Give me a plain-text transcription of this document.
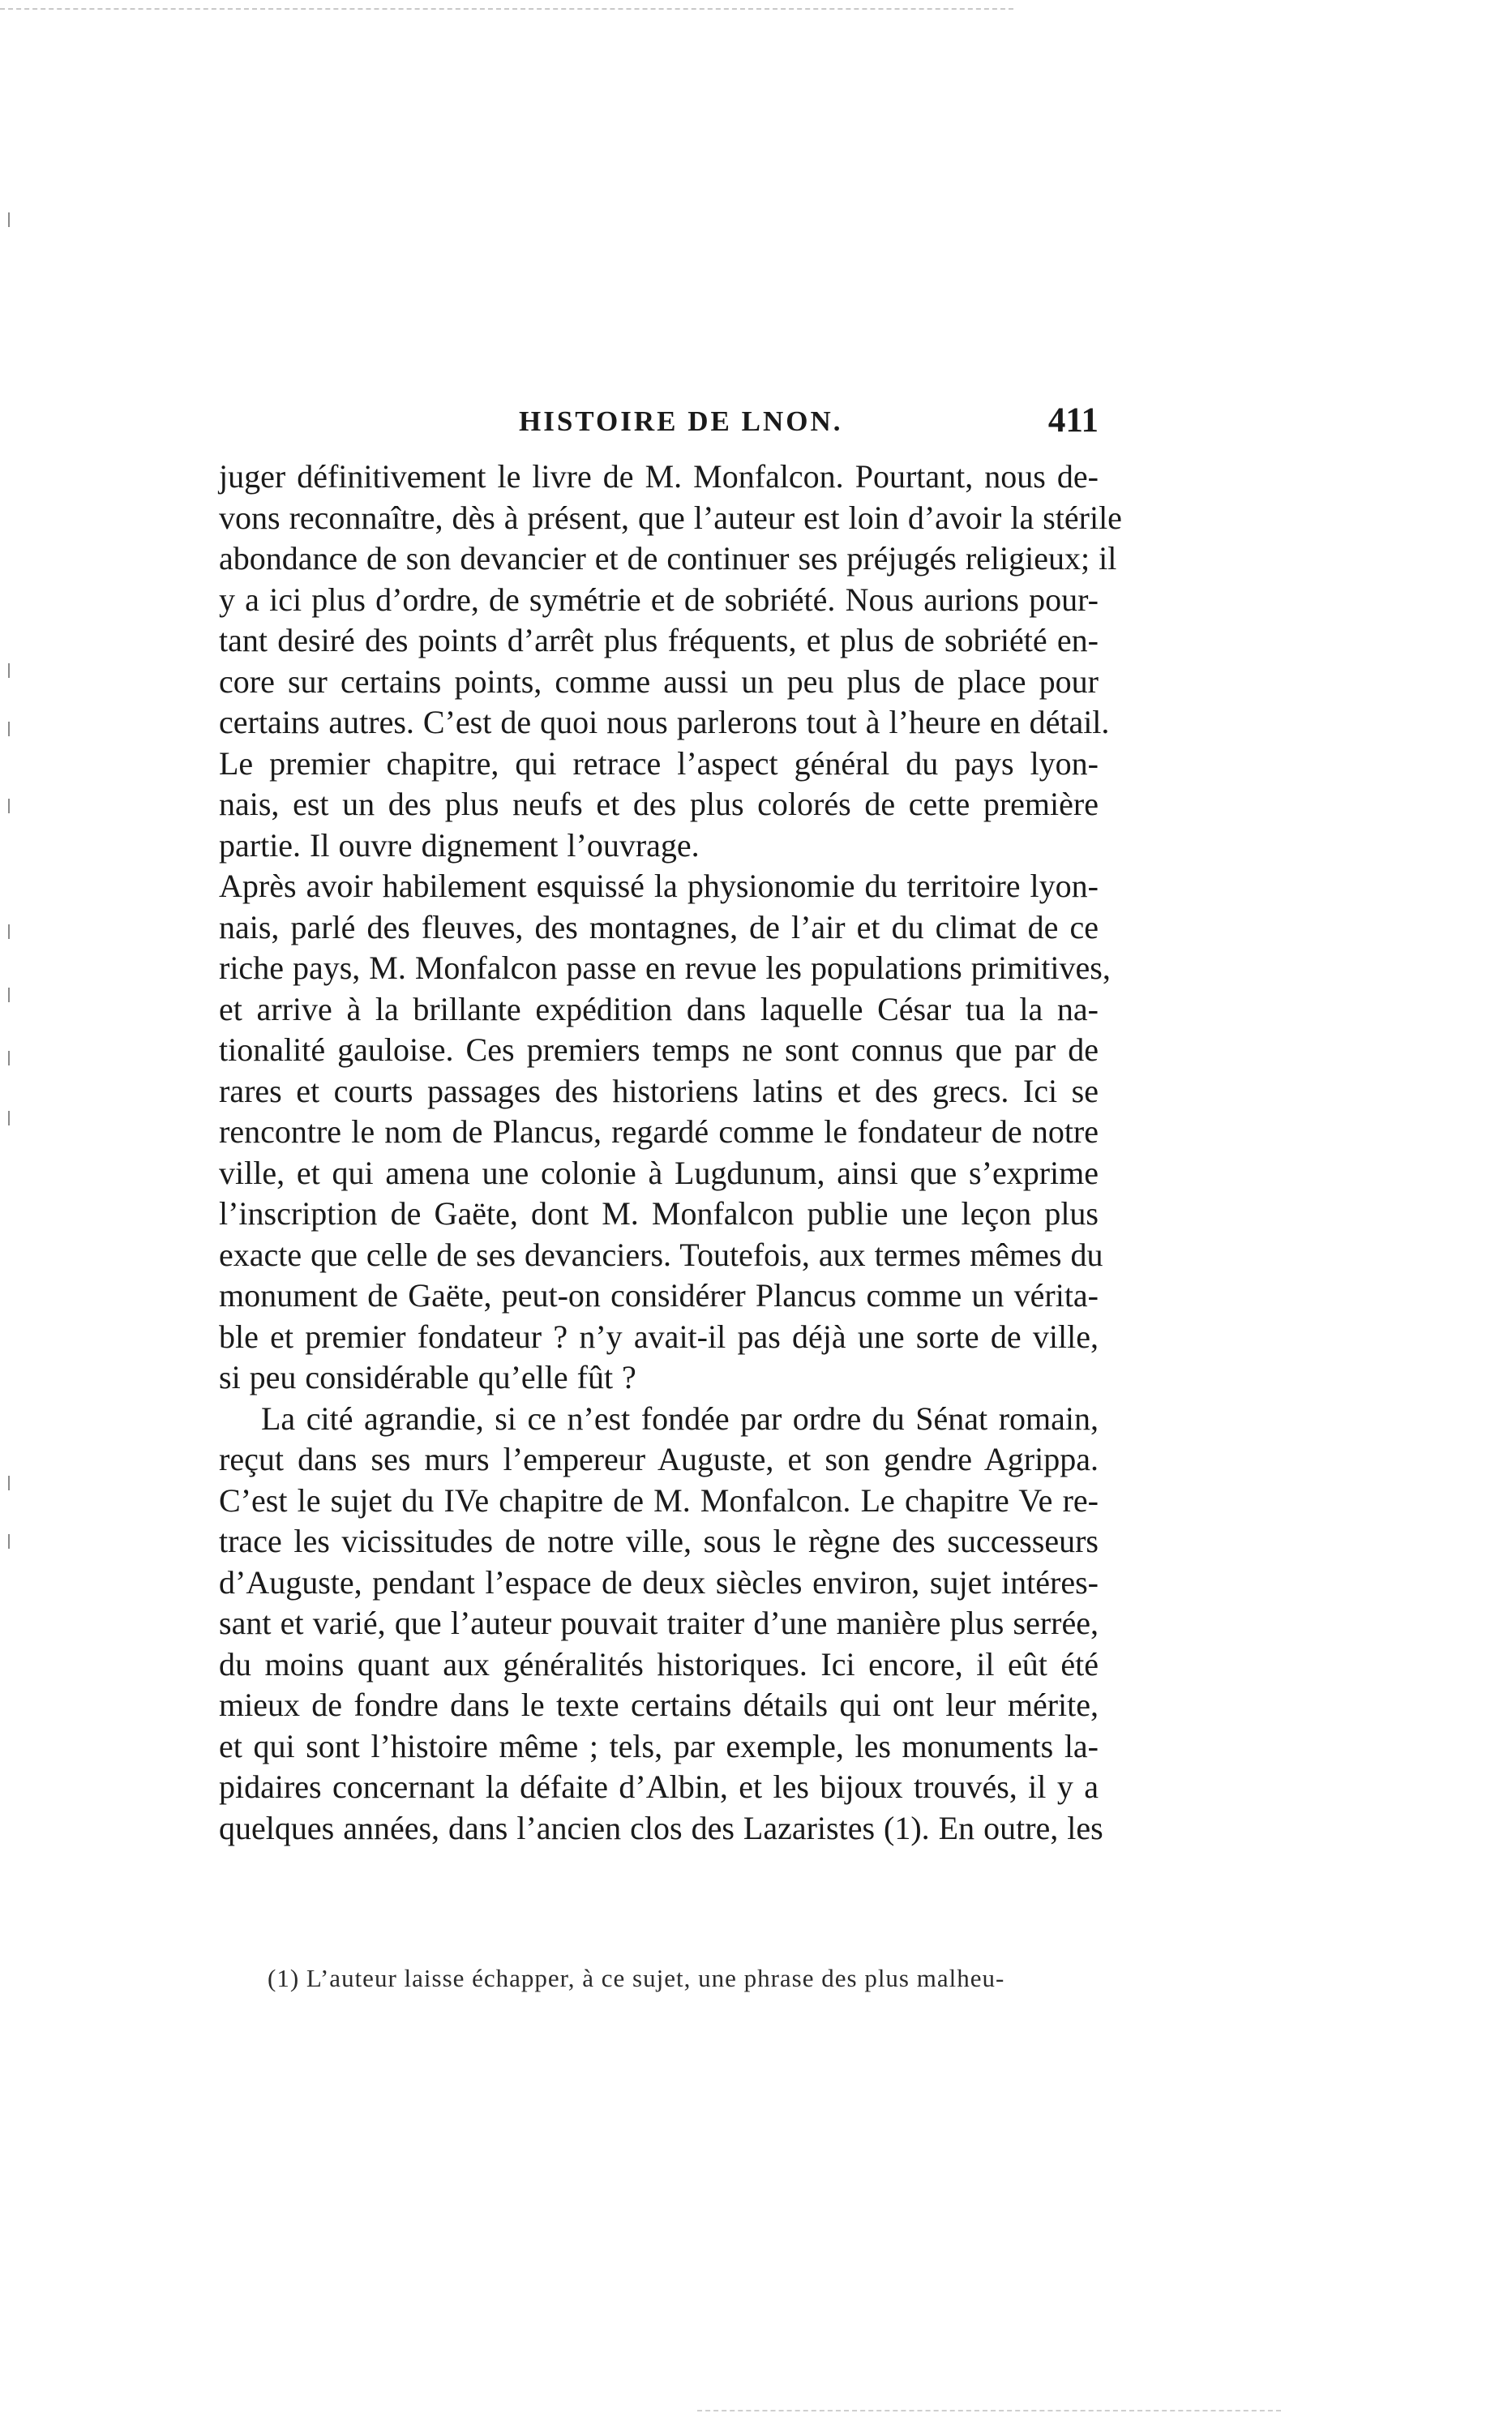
HISTOIRE DE LNON.	411
juger définitivement le livre de M. Monfalcon. Pourtant, nous de-
vons reconnaître, dès à présent, que l’auteur est loin d’avoir la stérile
abondance de son devancier et de continuer ses préjugés religieux; il
y a ici plus d’ordre, de symétrie et de sobriété. Nous aurions pour-
tant desiré des points d’arrêt plus fréquents, et plus de sobriété en-
core sur certains points, comme aussi un peu plus de place pour
certains autres. C’est de quoi nous parlerons tout à l’heure en détail.
Le premier chapitre, qui retrace l’aspect général du pays lyon-
nais, est un des plus neufs et des plus colorés de cette première
partie. Il ouvre dignement l’ouvrage.
Après avoir habilement esquissé la physionomie du territoire lyon-
nais, parlé des fleuves, des montagnes, de l’air et du climat de ce
riche pays, M. Monfalcon passe en revue les populations primitives,
et arrive à la brillante expédition dans laquelle César tua la na-
tionalité gauloise. Ces premiers temps ne sont connus que par de
rares et courts passages des historiens latins et des grecs. Ici se
rencontre le nom de Plancus, regardé comme le fondateur de notre
ville, et qui amena une colonie à Lugdunum, ainsi que s’exprime
l’inscription de Gaëte, dont M. Monfalcon publie une leçon plus
exacte que celle de ses devanciers. Toutefois, aux termes mêmes du
monument de Gaëte, peut-on considérer Plancus comme un vérita-
ble et premier fondateur ? n’y avait-il pas déjà une sorte de ville,
si peu considérable qu’elle fût ?
La cité agrandie, si ce n’est fondée par ordre du Sénat romain,
reçut dans ses murs l’empereur Auguste, et son gendre Agrippa.
C’est le sujet du IVe chapitre de M. Monfalcon. Le chapitre Ve re-
trace les vicissitudes de notre ville, sous le règne des successeurs
d’Auguste, pendant l’espace de deux siècles environ, sujet intéres-
sant et varié, que l’auteur pouvait traiter d’une manière plus serrée,
du moins quant aux généralités historiques. Ici encore, il eût été
mieux de fondre dans le texte certains détails qui ont leur mérite,
et qui sont l’histoire même ; tels, par exemple, les monuments la-
pidaires concernant la défaite d’Albin, et les bijoux trouvés, il y a
quelques années, dans l’ancien clos des Lazaristes (1). En outre, les
(1) L’auteur laisse échapper, à ce sujet, une phrase des plus malheu-
